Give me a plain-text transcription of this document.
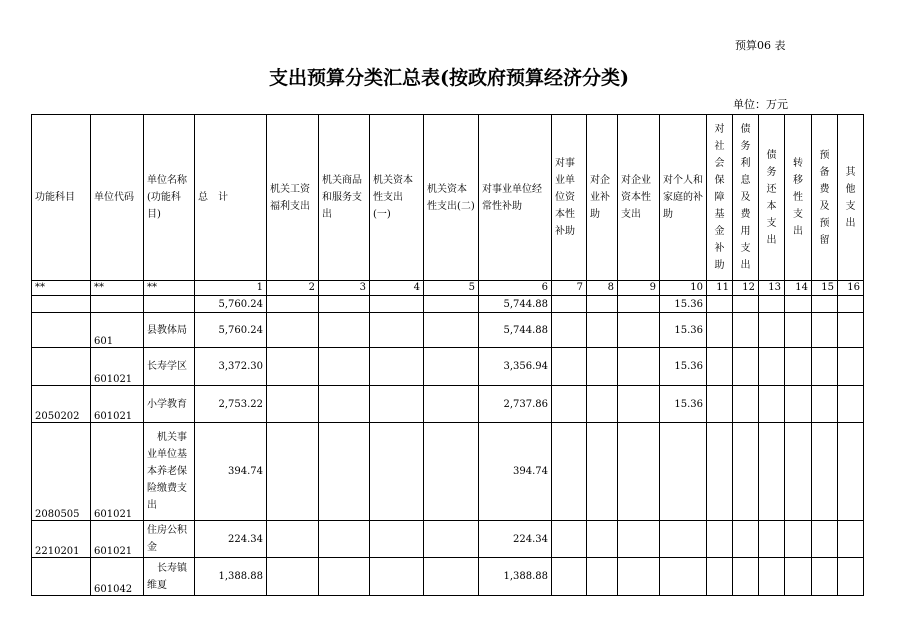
预算06 表
支出预算分类汇总表(按政府预算经济分类)
单位：万元
功能科目	单位代码	单位名称(功能科目)	总　计	机关工资福利支出	机关商品和服务支出	机关资本性支出(一)	机关资本性支出(二)	对事业单位经常性补助	对事业单位资本性补助	对企业补助	对企业资本性支出	对个人和家庭的补助	对社会保障基金补助	债务利息及费用支出	债务还本支出	转移性支出	预备费及预留	其他支出
**	**	**	1	2	3	4	5	6	7	8	9	10	11	12	13	14	15	16
			5,760.24					5,744.88				15.36						
	601	县教体局	5,760.24					5,744.88				15.36						
	601021	长寿学区	3,372.30					3,356.94				15.36						
2050202	601021	小学教育	2,753.22					2,737.86				15.36						
2080505	601021	　机关事业单位基本养老保险缴费支出	394.74					394.74										
2210201	601021	住房公积金	224.34					224.34										
	601042	　长寿镇维夏	1,388.88					1,388.88										
